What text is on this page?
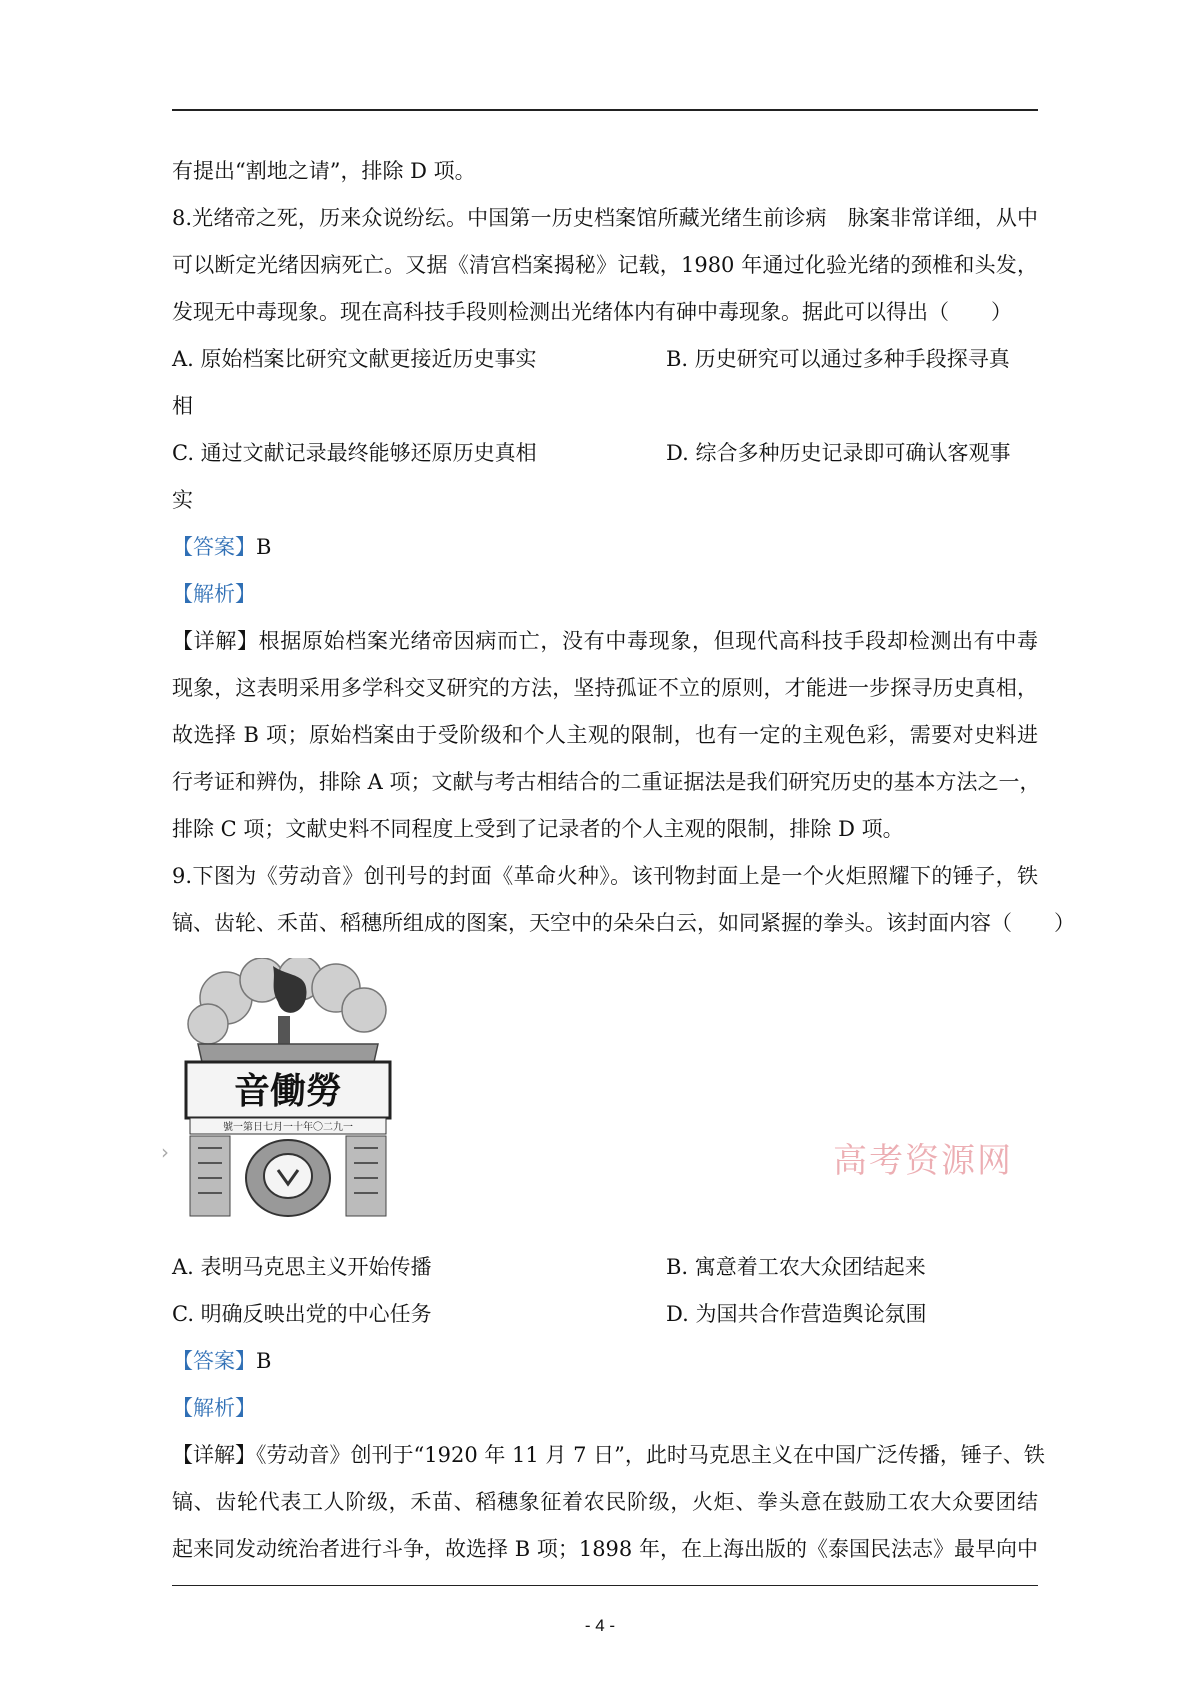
有提出“割地之请”，排除 D 项。
8.光绪帝之死，历来众说纷纭。中国第一历史档案馆所藏光绪生前诊病　脉案非常详细，从中
可以断定光绪因病死亡。又据《清宫档案揭秘》记载，1980 年通过化验光绪的颈椎和头发，
发现无中毒现象。现在高科技手段则检测出光绪体内有砷中毒现象。据此可以得出（　　）
A. 原始档案比研究文献更接近历史事实	B. 历史研究可以通过多种手段探寻真
相
C. 通过文献记录最终能够还原历史真相	D. 综合多种历史记录即可确认客观事
实
【答案】B
【解析】
【详解】根据原始档案光绪帝因病而亡，没有中毒现象，但现代高科技手段却检测出有中毒
现象，这表明采用多学科交叉研究的方法，坚持孤证不立的原则，才能进一步探寻历史真相，
故选择 B 项；原始档案由于受阶级和个人主观的限制，也有一定的主观色彩，需要对史料进
行考证和辨伪，排除 A 项；文献与考古相结合的二重证据法是我们研究历史的基本方法之一，
排除 C 项；文献史料不同程度上受到了记录者的个人主观的限制，排除 D 项。
9.下图为《劳动音》创刊号的封面《革命火种》。该刊物封面上是一个火炬照耀下的锤子，铁
镐、齿轮、禾苗、稻穗所组成的图案，天空中的朵朵白云，如同紧握的拳头。该封面内容（　　）
音働勞
號一第日七月一十年〇二九一
›	高考资源网
A. 表明马克思主义开始传播	B. 寓意着工农大众团结起来
C. 明确反映出党的中心任务	D. 为国共合作营造舆论氛围
【答案】B
【解析】
【详解】《劳动音》创刊于“1920 年 11 月 7 日”，此时马克思主义在中国广泛传播，锤子、铁
镐、齿轮代表工人阶级，禾苗、稻穗象征着农民阶级，火炬、拳头意在鼓励工农大众要团结
起来同发动统治者进行斗争，故选择 B 项；1898 年，在上海出版的《泰国民法志》最早向中
- 4 -
